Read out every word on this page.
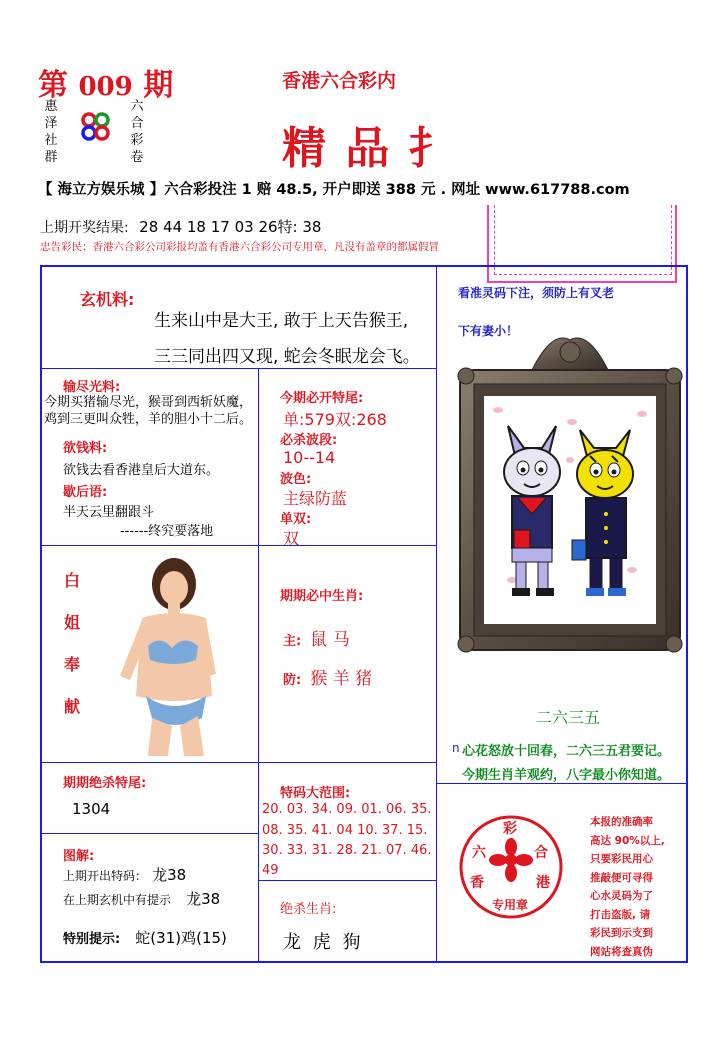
第 009 期
惠
泽
社
群
六
合
彩
卷
香港六合彩内
精 品 扌
【 海立方娱乐城 】六合彩投注 1 赔 48.5, 开户即送 388 元 . 网址 www.617788.com
上期开奖结果: 28 44 18 17 03 26特: 38
忠告彩民：香港六合彩公司彩报均盖有香港六合彩公司专用章，凡没有盖章的都属假冒
玄机料:
生来山中是大王, 敢于上天告猴王,
三三同出四又现, 蛇会冬眠龙会飞。
看准灵码下注，须防上有叉老
下有妻小！
输尽光料:
今期买猪输尽光，猴哥到西斩妖魔，鸡到三更叫众牲，羊的胆小十二后。
欲钱料:
欲钱去看香港皇后大道东。
歇后语:
半天云里翻跟斗
------终究要落地
今期必开特尾:
单:579双:268
必杀波段:
10--14
波色:
主绿防蓝
单双:
双
白
姐
奉
献
期期必中生肖:
主: 鼠 马
防: 猴 羊 猪
二六三五
n 心花怒放十回春，二六三五君要记。
今期生肖羊观约，八字最小你知道。
期期绝杀特尾:
1304
特码大范围:
20. 03. 34. 09. 01. 06. 35.
08. 35. 41. 04 10. 37. 15.
30. 33. 31. 28. 21. 07. 46.
49
图解:
上期开出特码： 龙38
在上期玄机中有提示 龙38
特别提示: 蛇(31)鸡(15)
绝杀生肖:
龙 虎 狗
彩
六	合
香	港
专用章
本报的准确率
高达 90%以上,
只要彩民用心
推敲便可寻得
心水灵码为了
打击盗版, 请
彩民到示支到
网站将查真伪
